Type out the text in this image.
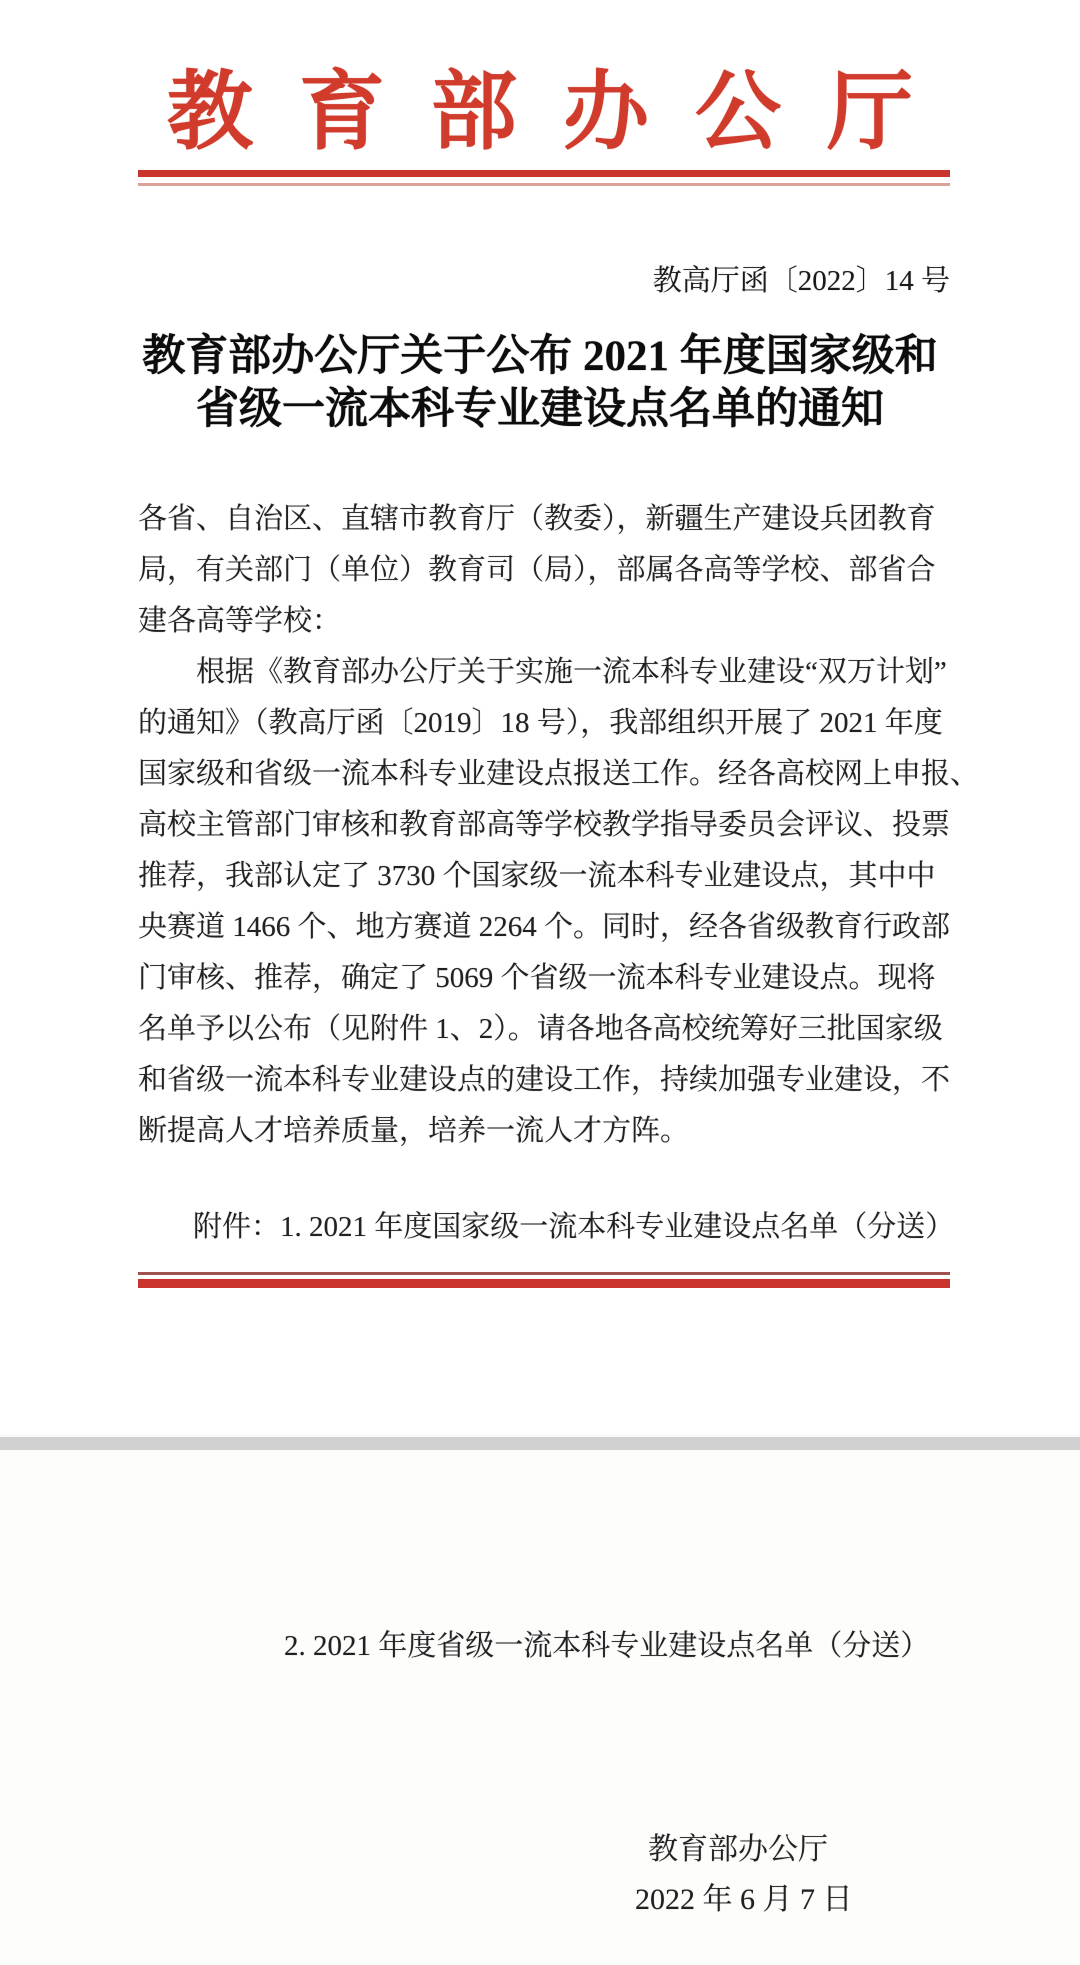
教育部办公厅
教高厅函〔2022〕14 号
教育部办公厅关于公布 2021 年度国家级和
省级一流本科专业建设点名单的通知
各省、自治区、直辖市教育厅（教委），新疆生产建设兵团教育
局，有关部门（单位）教育司（局），部属各高等学校、部省合
建各高等学校：
根据《教育部办公厅关于实施一流本科专业建设“双万计划”
的通知》（教高厅函〔2019〕18 号），我部组织开展了 2021 年度
国家级和省级一流本科专业建设点报送工作。经各高校网上申报、
高校主管部门审核和教育部高等学校教学指导委员会评议、投票
推荐，我部认定了 3730 个国家级一流本科专业建设点，其中中
央赛道 1466 个、地方赛道 2264 个。同时，经各省级教育行政部
门审核、推荐，确定了 5069 个省级一流本科专业建设点。现将
名单予以公布（见附件 1、2）。请各地各高校统筹好三批国家级
和省级一流本科专业建设点的建设工作，持续加强专业建设，不
断提高人才培养质量，培养一流人才方阵。
附件：1. 2021 年度国家级一流本科专业建设点名单（分送）
2. 2021 年度省级一流本科专业建设点名单（分送）
教育部办公厅
2022 年 6 月 7 日
